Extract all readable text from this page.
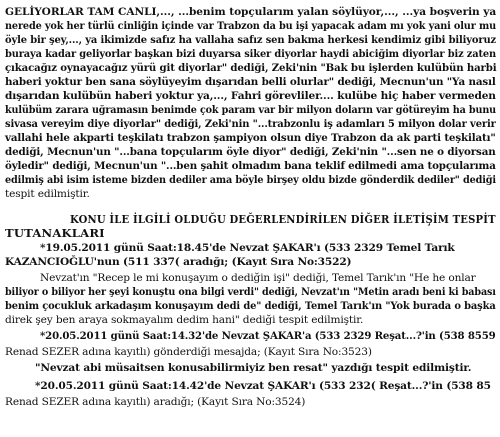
GELİYORLAR TAM CANLI,..., ...benim topçularım yalan söylüyor,..., ...ya boşverin ya
nerede yok her türlü cinliğin içinde var Trabzon da bu işi yapacak adam mı yok yani olur mu
öyle bir şey,..., ya ikimizde safız ha vallaha safız sen bakma herkesi kendimiz gibi biliyoruz
buraya kadar geliyorlar başkan bizi duyarsa siker diyorlar haydi abiciğim diyorlar biz zaten
çıkacağız oynayacağız yürü git diyorlar" dediği, Zeki'nin "Bak bu işlerden kulübün harbi
haberi yoktur ben sana söylüyeyim dışarıdan belli olurlar" dediği, Mecnun'un "Ya nasıl
dışarıdan kulübün haberi yoktur ya,..., Fahri görevliler.... kulübe hiç haber vermeden
kulübüm zarara uğramasın benimde çok param var bir milyon doların var götüreyim ha bunu
sivasa vereyim diye diyorlar" dediği, Zeki'nin "...trabzonlu iş adamları 5 milyon dolar verir
vallahi hele akparti teşkilatı trabzon şampiyon olsun diye Trabzon da ak parti teşkilatı"
dediği, Mecnun'un "...bana topçularım öyle diyor" dediği, Zeki'nin "...sen ne o diyorsan
öyledir" dediği, Mecnun'un "...ben şahit olmadım bana teklif edilmedi ama topçularıma
edilmiş abi isim isteme bizden dediler ama böyle birşey oldu bizde gönderdik dediler" dediği
tespit edilmiştir.
KONU İLE İLGİLİ OLDUĞU DEĞERLENDİRİLEN DİĞER İLETİŞİM TESPİT
TUTANAKLARI
*19.05.2011 günü Saat:18.45'de Nevzat ŞAKAR'ı (533 2329 Temel Tarık
KAZANCIOĞLU'nun (511 337( aradığı; (Kayıt Sıra No:3522)
Nevzat'ın "Recep le mi konuşayım o dediğin işi" dediği, Temel Tarık'ın "He he onlar
biliyor o biliyor her şeyi konuştu ona bilgi verdi" dediği, Nevzat'ın "Metin aradı beni ki babası
benim çocukluk arkadaşım konuşayım dedi de" dediği, Temel Tarık'ın "Yok burada o başka
direk şey ben araya sokmayalım dedim hani" dediği tespit edilmiştir.
*20.05.2011 günü Saat:14.32'de Nevzat ŞAKAR'a (533 2329 Reşat...?'in (538 8559
Renad SEZER adına kayıtlı) gönderdiği mesajda; (Kayıt Sıra No:3523)
"Nevzat abi müsaitsen konusabilirmiyiz ben resat" yazdığı tespit edilmiştir.
*20.05.2011 günü Saat:14.42'de Nevzat ŞAKAR'ı (533 232( Reşat...?'in (538 85
Renad SEZER adına kayıtlı) aradığı; (Kayıt Sıra No:3524)
